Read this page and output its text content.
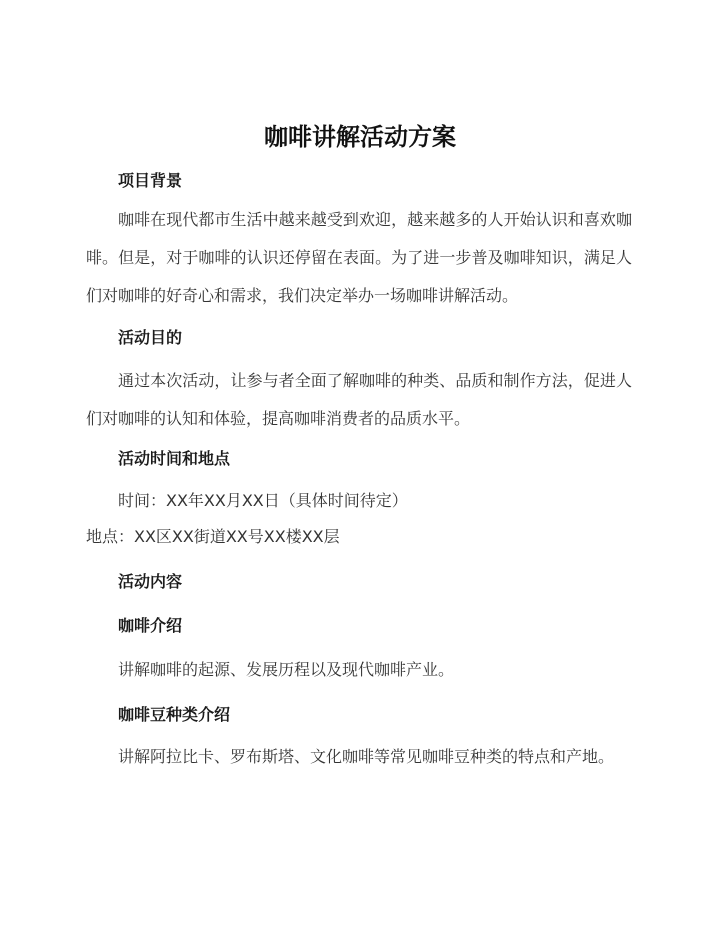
咖啡讲解活动方案
项目背景
咖啡在现代都市生活中越来越受到欢迎，越来越多的人开始认识和喜欢咖啡。但是，对于咖啡的认识还停留在表面。为了进一步普及咖啡知识，满足人们对咖啡的好奇心和需求，我们决定举办一场咖啡讲解活动。
活动目的
通过本次活动，让参与者全面了解咖啡的种类、品质和制作方法，促进人们对咖啡的认知和体验，提高咖啡消费者的品质水平。
活动时间和地点
时间：XX年XX月XX日（具体时间待定）
地点：XX区XX街道XX号XX楼XX层
活动内容
咖啡介绍
讲解咖啡的起源、发展历程以及现代咖啡产业。
咖啡豆种类介绍
讲解阿拉比卡、罗布斯塔、文化咖啡等常见咖啡豆种类的特点和产地。
